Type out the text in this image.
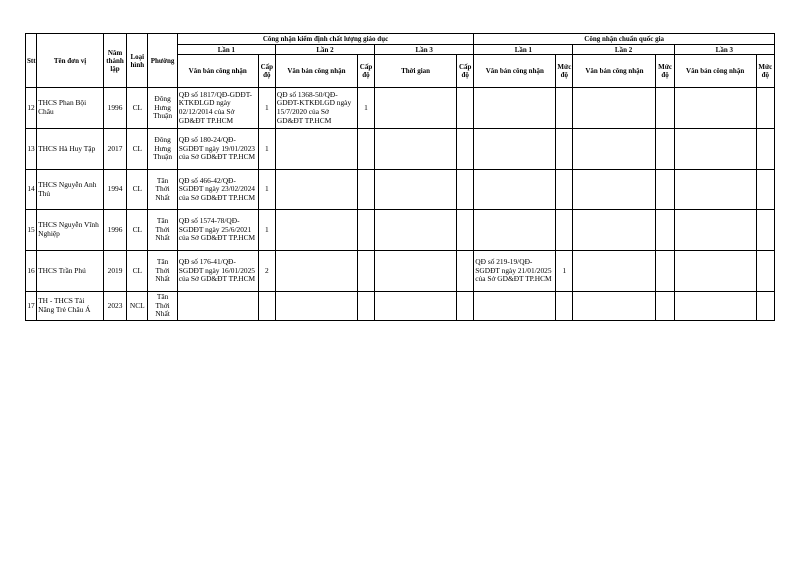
Stt	Tên đơn vị	Năm thành lập	Loại hình	Phường	Công nhận kiểm định chất lượng giáo dục						Công nhận chuẩn quốc gia					
					Lần 1		Lần 2		Lần 3		Lần 1		Lần 2		Lần 3	
					Văn bản công nhận	Cấp độ	Văn bản công nhận	Cấp độ	Thời gian	Cấp độ	Văn bản công nhận	Mức độ	Văn bản công nhận	Mức độ	Văn bản công nhận	Mức độ
12	THCS Phan Bội Châu	1996	CL	Đông Hưng Thuận	QĐ số 1817/QĐ-GDĐT-KTKĐLGD ngày 02/12/2014 của Sở GD&ĐT TP.HCM	1	QĐ số 1368-50/QĐ-GDĐT-KTKĐLGD ngày 15/7/2020 của Sở GD&ĐT TP.HCM	1								
13	THCS Hà Huy Tập	2017	CL	Đông Hưng Thuận	QĐ số 180-24/QĐ-SGDĐT ngày 19/01/2023 của Sở GD&ĐT TP.HCM	1										
14	THCS Nguyễn Anh Thủ	1994	CL	Tân Thới Nhất	QĐ số 466-42/QĐ-SGDĐT ngày 23/02/2024 của Sở GD&ĐT TP.HCM	1										
15	THCS Nguyễn Vĩnh Nghiệp	1996	CL	Tân Thới Nhất	QĐ số 1574-78/QĐ-SGDĐT ngày 25/6/2021 của Sở GD&ĐT TP.HCM	1										
16	THCS Trần Phú	2019	CL	Tân Thới Nhất	QĐ số 176-41/QĐ-SGDĐT ngày 16/01/2025 của Sở GD&ĐT TP.HCM	2					QĐ số 219-19/QĐ-SGDĐT ngày 21/01/2025 của Sở GD&ĐT TP.HCM	1				
17	TH - THCS Tài Năng Trẻ Châu Á	2023	NCL	Tân Thới Nhất												
